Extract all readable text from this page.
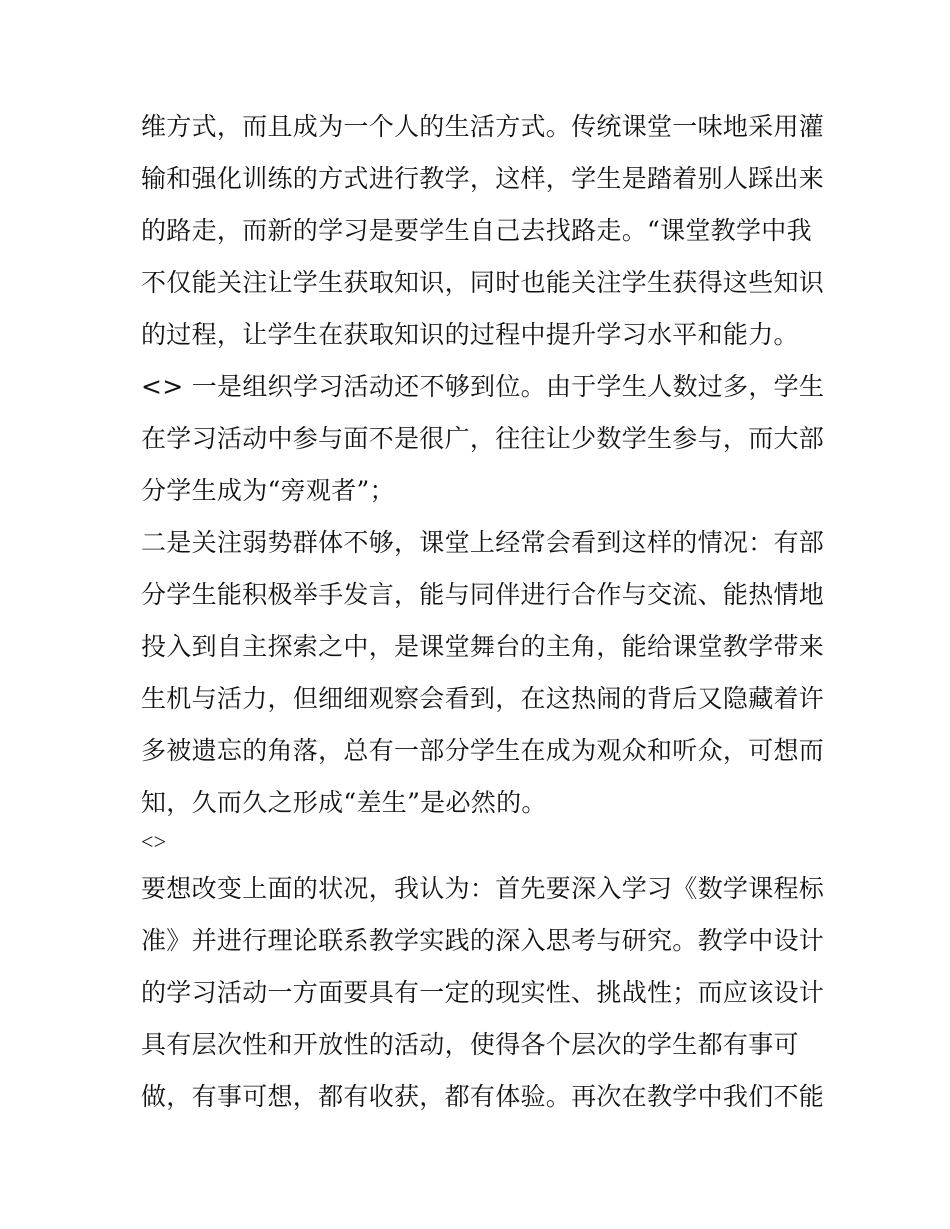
维方式，而且成为一个人的生活方式。传统课堂一味地采用灌
输和强化训练的方式进行教学，这样，学生是踏着别人踩出来
的路走，而新的学习是要学生自己去找路走。“课堂教学中我
不仅能关注让学生获取知识，同时也能关注学生获得这些知识
的过程，让学生在获取知识的过程中提升学习水平和能力。
<> 一是组织学习活动还不够到位。由于学生人数过多，学生
在学习活动中参与面不是很广，往往让少数学生参与，而大部
分学生成为“旁观者”；
二是关注弱势群体不够，课堂上经常会看到这样的情况：有部
分学生能积极举手发言，能与同伴进行合作与交流、能热情地
投入到自主探索之中，是课堂舞台的主角，能给课堂教学带来
生机与活力，但细细观察会看到，在这热闹的背后又隐藏着许
多被遗忘的角落，总有一部分学生在成为观众和听众，可想而
知，久而久之形成“差生”是必然的。
<>
要想改变上面的状况，我认为：首先要深入学习《数学课程标
准》并进行理论联系教学实践的深入思考与研究。教学中设计
的学习活动一方面要具有一定的现实性、挑战性；而应该设计
具有层次性和开放性的活动，使得各个层次的学生都有事可
做，有事可想，都有收获，都有体验。再次在教学中我们不能
